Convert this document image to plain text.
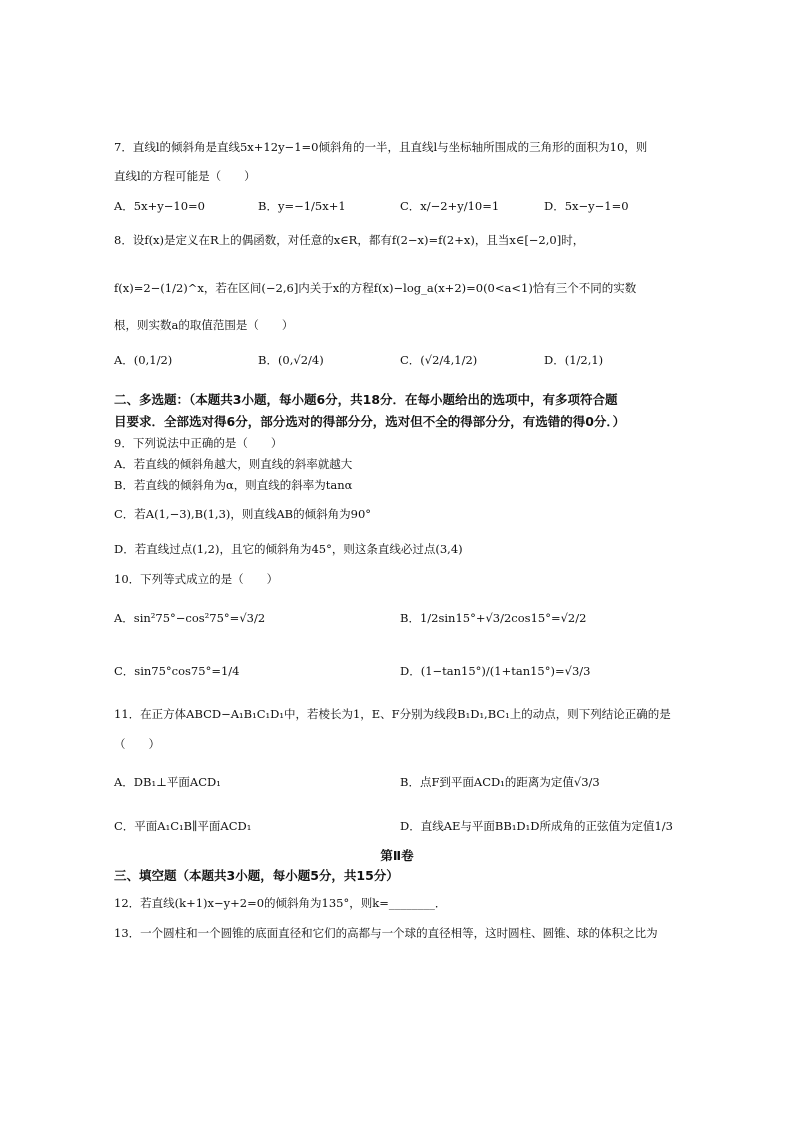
7．直线l的倾斜角是直线5x+12y−1=0倾斜角的一半，且直线l与坐标轴所围成的三角形的面积为10，则
直线l的方程可能是（　　）
A．5x+y−10=0	B．y=−1/5x+1	C．x/−2+y/10=1	D．5x−y−1=0
8．设f(x)是定义在R上的偶函数，对任意的x∈R，都有f(2−x)=f(2+x)，且当x∈[−2,0]时，
f(x)=2−(1/2)^x，若在区间(−2,6]内关于x的方程f(x)−log_a(x+2)=0(0<a<1)恰有三个不同的实数
根，则实数a的取值范围是（　　）
A．(0,1/2)	B．(0,√2/4)	C．(√2/4,1/2)	D．(1/2,1)
二、多选题：（本题共3小题，每小题6分，共18分．在每小题给出的选项中，有多项符合题
目要求．全部选对得6分，部分选对的得部分分，选对但不全的得部分分，有选错的得0分．）
9．下列说法中正确的是（　　）
A．若直线的倾斜角越大，则直线的斜率就越大
B．若直线的倾斜角为α，则直线的斜率为tanα
C．若A(1,−3),B(1,3)，则直线AB的倾斜角为90°
D．若直线过点(1,2)，且它的倾斜角为45°，则这条直线必过点(3,4)
10．下列等式成立的是（　　）
A．sin²75°−cos²75°=√3/2	B．1/2sin15°+√3/2cos15°=√2/2
C．sin75°cos75°=1/4	D．(1−tan15°)/(1+tan15°)=√3/3
11．在正方体ABCD−A₁B₁C₁D₁中，若棱长为1，E、F分别为线段B₁D₁,BC₁上的动点，则下列结论正确的是
（　　）
A．DB₁⊥平面ACD₁	B．点F到平面ACD₁的距离为定值√3/3
C．平面A₁C₁B∥平面ACD₁	D．直线AE与平面BB₁D₁D所成角的正弦值为定值1/3
第Ⅱ卷
三、填空题（本题共3小题，每小题5分，共15分）
12．若直线(k+1)x−y+2=0的倾斜角为135°，则k=________．
13．一个圆柱和一个圆锥的底面直径和它们的高都与一个球的直径相等，这时圆柱、圆锥、球的体积之比为
